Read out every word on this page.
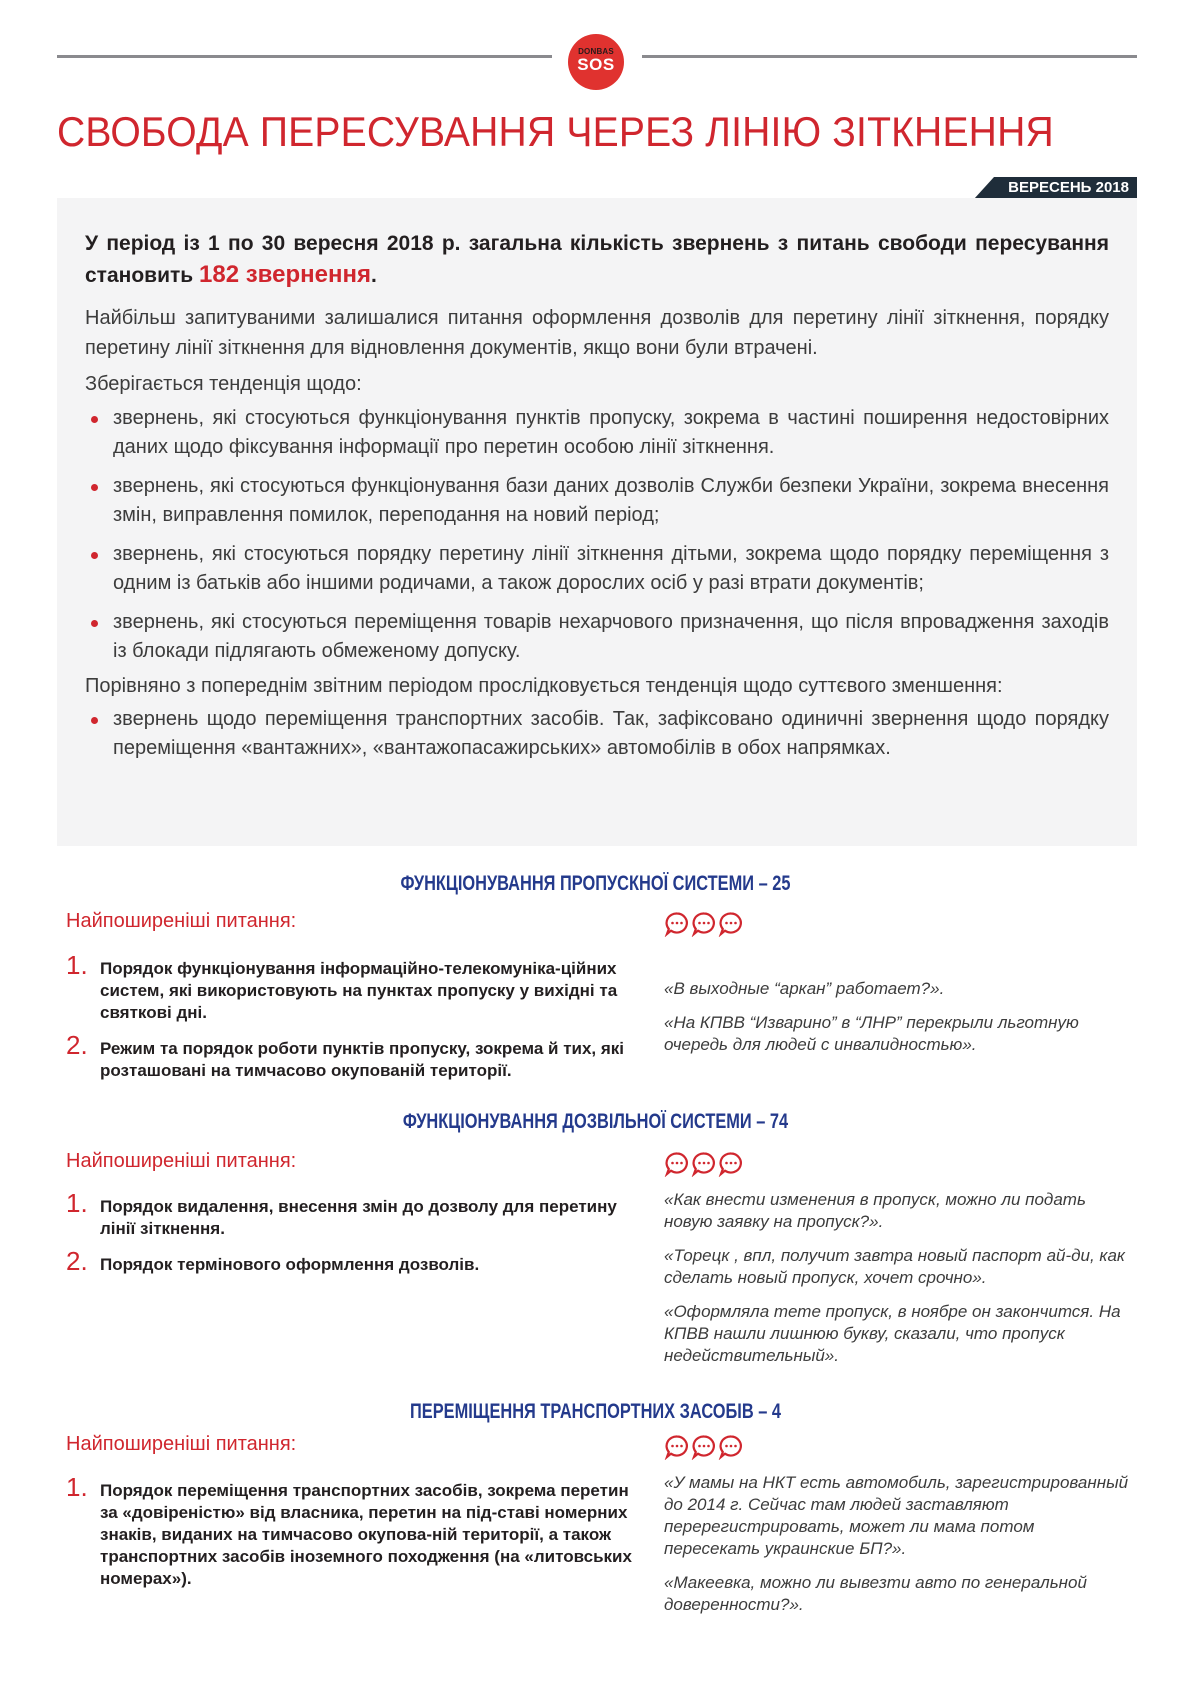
DONBAS
SOS
СВОБОДА ПЕРЕСУВАННЯ ЧЕРЕЗ ЛІНІЮ ЗІТКНЕННЯ
ВЕРЕСЕНЬ 2018

У період із 1 по 30 вересня 2018 р. загальна кількість звернень з питань свободи пересування становить 182 звернення.

Найбільш запитуваними залишалися питання оформлення дозволів для перетину лінії зіткнення, порядку перетину лінії зіткнення для відновлення документів, якщо вони були втрачені.

Зберігається тенденція щодо:

звернень, які стосуються функціонування пунктів пропуску, зокрема в частині поширення недостовірних даних щодо фіксування інформації про перетин особою лінії зіткнення.
звернень, які стосуються функціонування бази даних дозволів Служби безпеки України, зокрема внесення змін, виправлення помилок, переподання на новий період;
звернень, які стосуються порядку перетину лінії зіткнення дітьми, зокрема щодо порядку переміщення з одним із батьків або іншими родичами, а також дорослих осіб у разі втрати документів;
звернень, які стосуються переміщення товарів нехарчового призначення, що після впровадження заходів із блокади підлягають обмеженому допуску.

Порівняно з попереднім звітним періодом прослідковується тенденція щодо суттєвого зменшення:

звернень щодо переміщення транспортних засобів. Так, зафіксовано одиничні звернення щодо порядку переміщення «вантажних», «вантажопасажирських» автомобілів в обох напрямках.
ФУНКЦІОНУВАННЯ ПРОПУСКНОЇ СИСТЕМИ – 25
Найпоширеніші питання:
1. Порядок функціонування інформаційно-телекомуніка-ційних систем, які використовують на пунктах пропуску у вихідні та святкові дні.
2. Режим та порядок роботи пунктів пропуску, зокрема й тих, які розташовані на тимчасово окупованій території.

«В выходные “аркан” работает?».

«На КПВВ “Изварино” в “ЛНР” перекрыли льготную очередь для людей с инвалидностью».

ФУНКЦІОНУВАННЯ ДОЗВІЛЬНОЇ СИСТЕМИ – 74
Найпоширеніші питання:
1. Порядок видалення, внесення змін до дозволу для перетину лінії зіткнення.
2. Порядок термінового оформлення дозволів.

«Как внести изменения в пропуск, можно ли подать новую заявку на пропуск?».

«Торецк , впл, получит завтра новый паспорт ай-ди, как сделать новый пропуск, хочет срочно».

«Оформляла тете пропуск, в ноябре он закончится. На КПВВ нашли лишнюю букву, сказали, что пропуск недействительный».

ПЕРЕМІЩЕННЯ ТРАНСПОРТНИХ ЗАСОБІВ – 4
Найпоширеніші питання:
1. Порядок переміщення транспортних засобів, зокрема перетин за «довіреністю» від власника, перетин на під-ставі номерних знаків, виданих на тимчасово окупова-ній території, а також транспортних засобів іноземного походження (на «литовських номерах»).

«У мамы на НКТ есть автомобиль, зарегистрированный до 2014 г. Сейчас там людей заставляют перерегистрировать, может ли мама потом пересекать украинские БП?».

«Макеевка, можно ли вывезти авто по генеральной доверенности?».
